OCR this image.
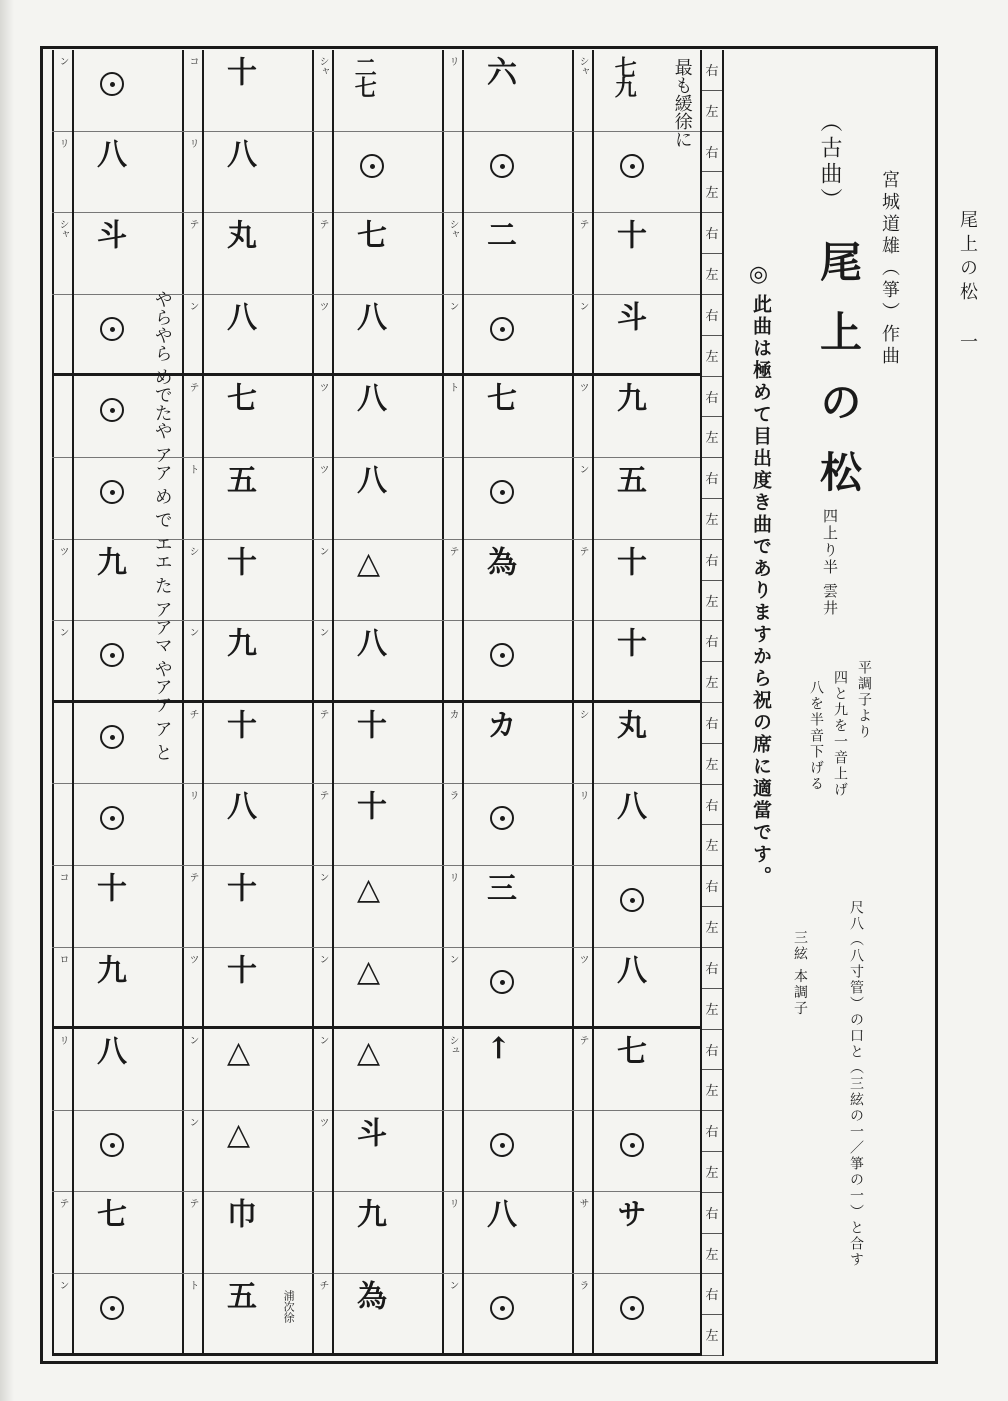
尾上の松 一
シャ 七九
テ 十
ン 斗
ツ 九
ン 五
テ 十
十
シ 丸
リ 八
ツ 八
テ 七
サ サ
ラ
リ 六
シャ 二
ン
ト 七
テ 為
カ カ
ラ
リ 三
ン
シュ ←
リ 八
ン
シャ 二七
テ 七
ツ 八
ツ 八
ツ 八
ン △
ン 八
テ 十
テ 十
ン △
ン △
ン △
ツ 斗
九
チ 為
コ 十
リ 八
テ 丸
ン 八
テ 七
ト 五
シ 十
ン 九
チ 十
リ 八
テ 十
ツ 十
ン △
ン △
テ 巾
ト 五
ン
リ 八
シャ 斗
ツ 九
ン
コ 十
ロ 九
リ 八
テ 七
ン
最も緩徐に
やらやら めでたや アア め で エエ た アアマ やアア ア と
浦次徐
右
左
右
左
右
左
右
左
右
左
右
左
右
左
右
左
右
左
右
左
右
左
右
左
右
左
右
左
右
左
右
左
（古曲）
宮城道雄（箏）作曲
尾上の松
◎
此曲は極めて目出度き曲でありますから祝の席に適當です。	四上り半 雲井
平調子より
四と九を一音上げ
八を半音下げる
尺八（八寸管）の口と（三絃の一／箏の一）と合す
三絃 本調子
